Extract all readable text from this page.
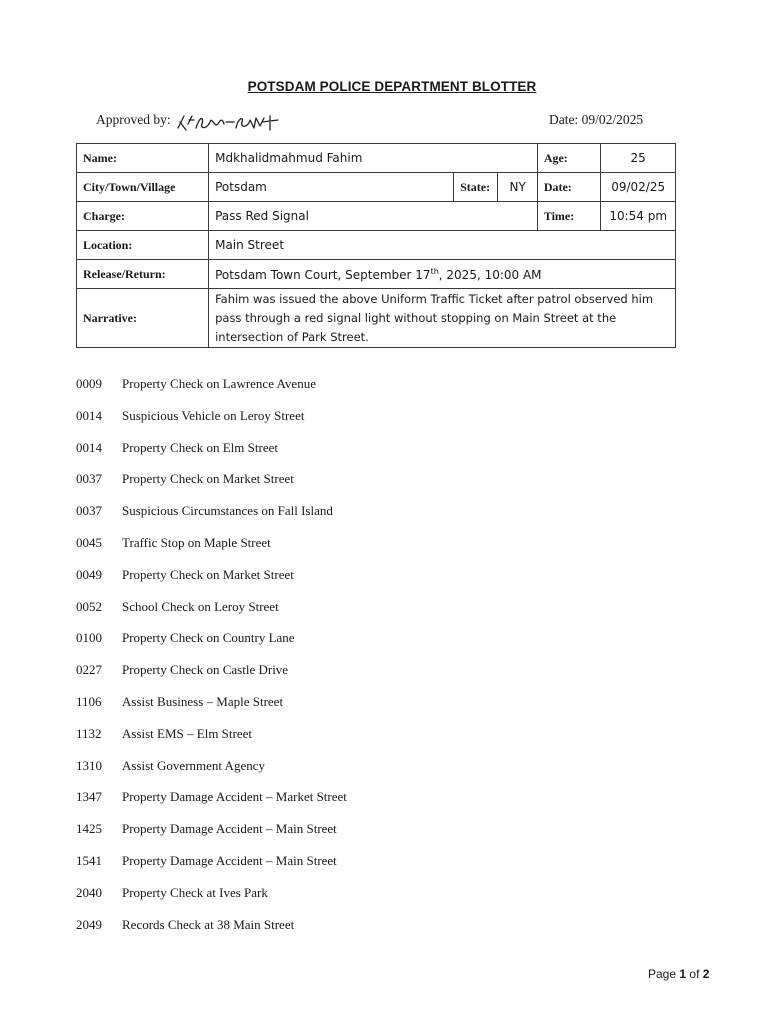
POTSDAM POLICE DEPARTMENT BLOTTER
Approved by:	Date: 09/02/2025
Name:	Mdkhalidmahmud Fahim			Age:	25
City/Town/Village	Potsdam	State:	NY	Date:	09/02/25
Charge:	Pass Red Signal			Time:	10:54 pm
Location:	Main Street				
Release/Return:	Potsdam Town Court, September 17th, 2025, 10:00 AM				
Narrative:	Fahim was issued the above Uniform Traffic Ticket after patrol observed him pass through a red signal light without stopping on Main Street at the intersection of Park Street.				
0009	Property Check on Lawrence Avenue
0014	Suspicious Vehicle on Leroy Street
0014	Property Check on Elm Street
0037	Property Check on Market Street
0037	Suspicious Circumstances on Fall Island
0045	Traffic Stop on Maple Street
0049	Property Check on Market Street
0052	School Check on Leroy Street
0100	Property Check on Country Lane
0227	Property Check on Castle Drive
1106	Assist Business – Maple Street
1132	Assist EMS – Elm Street
1310	Assist Government Agency
1347	Property Damage Accident – Market Street
1425	Property Damage Accident – Main Street
1541	Property Damage Accident – Main Street
2040	Property Check at Ives Park
2049	Records Check at 38 Main Street
Page 1 of 2
